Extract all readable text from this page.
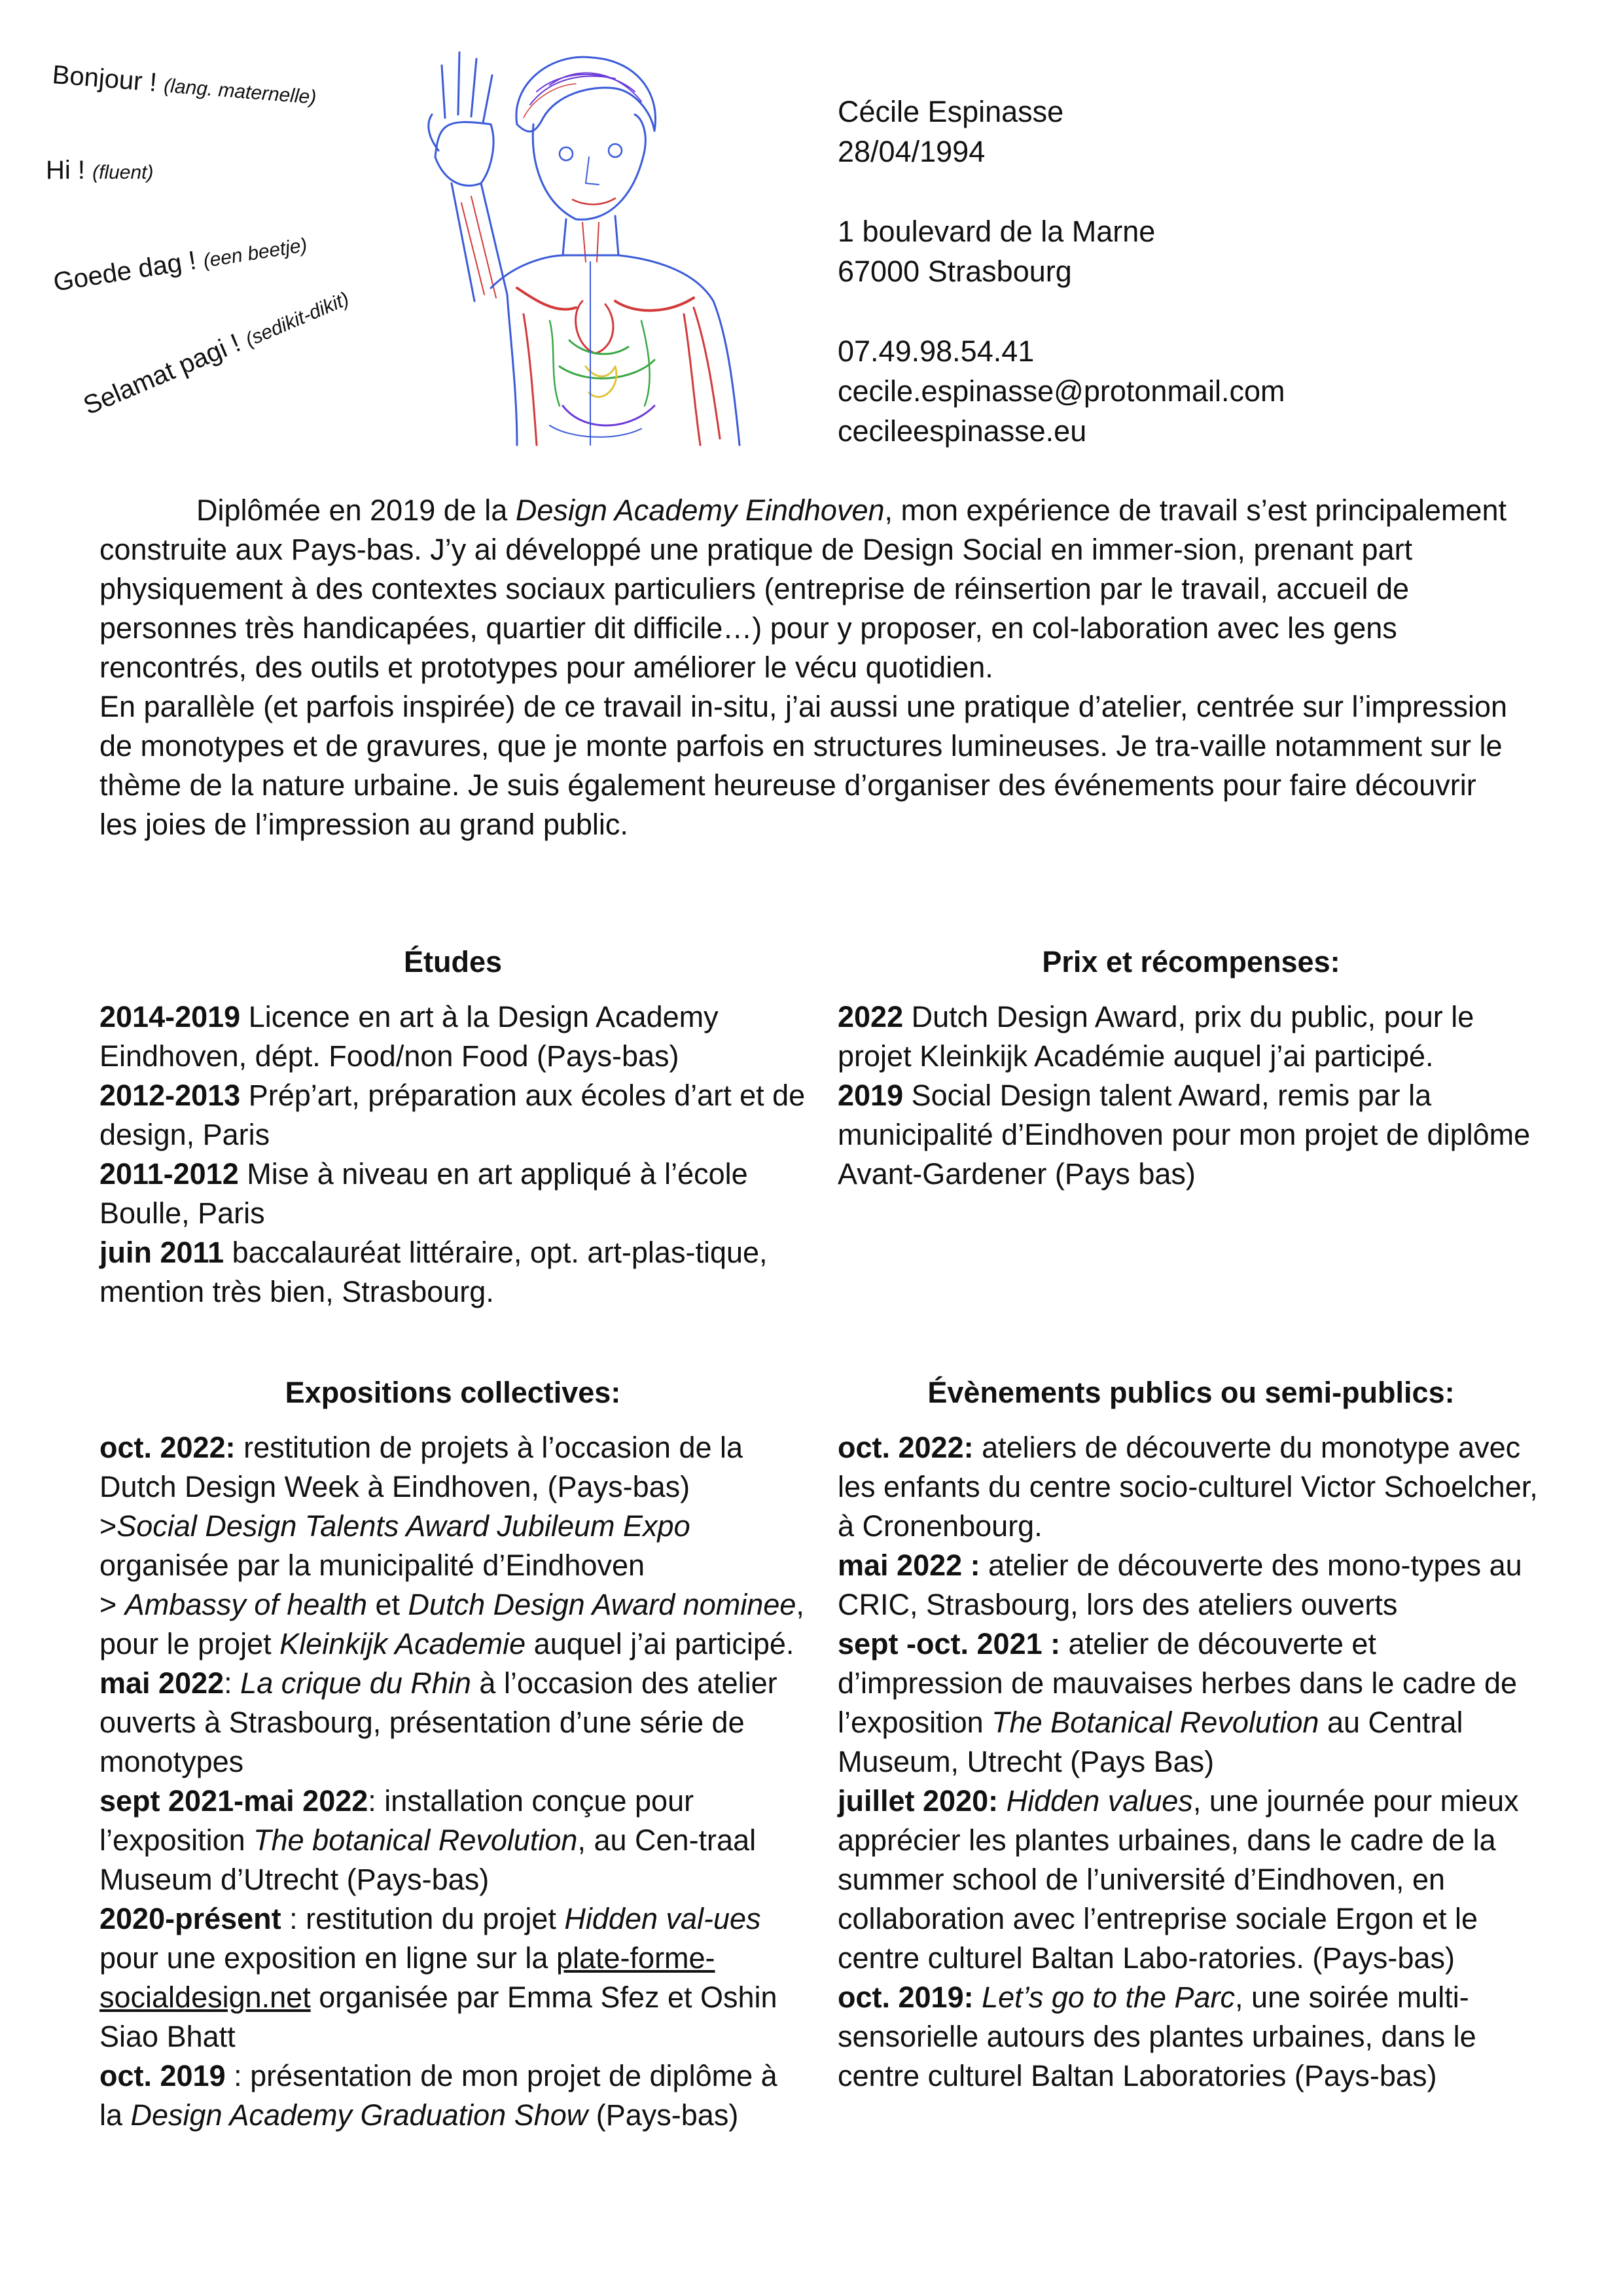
Bonjour ! (lang. maternelle)
Hi ! (fluent)
Goede dag ! (een beetje)
Selamat pagi ! (sedikit-dikit)
Cécile Espinasse
28/04/1994
1 boulevard de la Marne
67000 Strasbourg
07.49.98.54.41
cecile.espinasse@protonmail.com
cecileespinasse.eu

Diplômée en 2019 de la Design Academy Eindhoven, mon expérience de travail s’est principalement construite aux Pays-bas. J’y ai développé une pratique de Design Social en immer-sion, prenant part physiquement à des contextes sociaux particuliers (entreprise de réinsertion par le travail, accueil de personnes très handicapées, quartier dit difficile…) pour y proposer, en col-laboration avec les gens rencontrés, des outils et prototypes pour améliorer le vécu quotidien.

En parallèle (et parfois inspirée) de ce travail in-situ, j’ai aussi une pratique d’atelier, centrée sur l’impression de monotypes et de gravures, que je monte parfois en structures lumineuses. Je tra-vaille notamment sur le thème de la nature urbaine. Je suis également heureuse d’organiser des événements pour faire découvrir les joies de l’impression au grand public.

Études

2014-2019 Licence en art à la Design Academy Eindhoven, dépt. Food/non Food (Pays-bas)

2012-2013 Prép’art, préparation aux écoles d’art et de design, Paris

2011-2012 Mise à niveau en art appliqué à l’école Boulle, Paris

juin 2011 baccalauréat littéraire, opt. art-plas-tique, mention très bien, Strasbourg.

Prix et récompenses:

2022 Dutch Design Award, prix du public, pour le projet Kleinkijk Académie auquel j’ai participé.

2019 Social Design talent Award, remis par la municipalité d’Eindhoven pour mon projet de diplôme Avant-Gardener (Pays bas)

Expositions collectives:

oct. 2022: restitution de projets à l’occasion de la Dutch Design Week à Eindhoven, (Pays-bas)
>Social Design Talents Award Jubileum Expo organisée par la municipalité d’Eindhoven
> Ambassy of health et Dutch Design Award nominee, pour le projet Kleinkijk Academie auquel j’ai participé.

mai 2022: La crique du Rhin à l’occasion des atelier ouverts à Strasbourg, présentation d’une série de monotypes

sept 2021-mai 2022: installation conçue pour l’exposition The botanical Revolution, au Cen-traal Museum d’Utrecht (Pays-bas)

2020-présent : restitution du projet Hidden val-ues pour une exposition en ligne sur la plate-forme-socialdesign.net organisée par Emma Sfez et Oshin Siao Bhatt

oct. 2019 : présentation de mon projet de diplôme à la Design Academy Graduation Show (Pays-bas)

Évènements publics ou semi-publics:

oct. 2022: ateliers de découverte du monotype avec les enfants du centre socio-culturel Victor Schoelcher, à Cronenbourg.

mai 2022 : atelier de découverte des mono-types au CRIC, Strasbourg, lors des ateliers ouverts

sept -oct. 2021 : atelier de découverte et d’impression de mauvaises herbes dans le cadre de l’exposition The Botanical Revolution au Central Museum, Utrecht (Pays Bas)

juillet 2020: Hidden values, une journée pour mieux apprécier les plantes urbaines, dans le cadre de la summer school de l’université d’Eindhoven, en collaboration avec l’entreprise sociale Ergon et le centre culturel Baltan Labo-ratories. (Pays-bas)

oct. 2019: Let’s go to the Parc, une soirée multi-sensorielle autours des plantes urbaines, dans le centre culturel Baltan Laboratories (Pays-bas)
